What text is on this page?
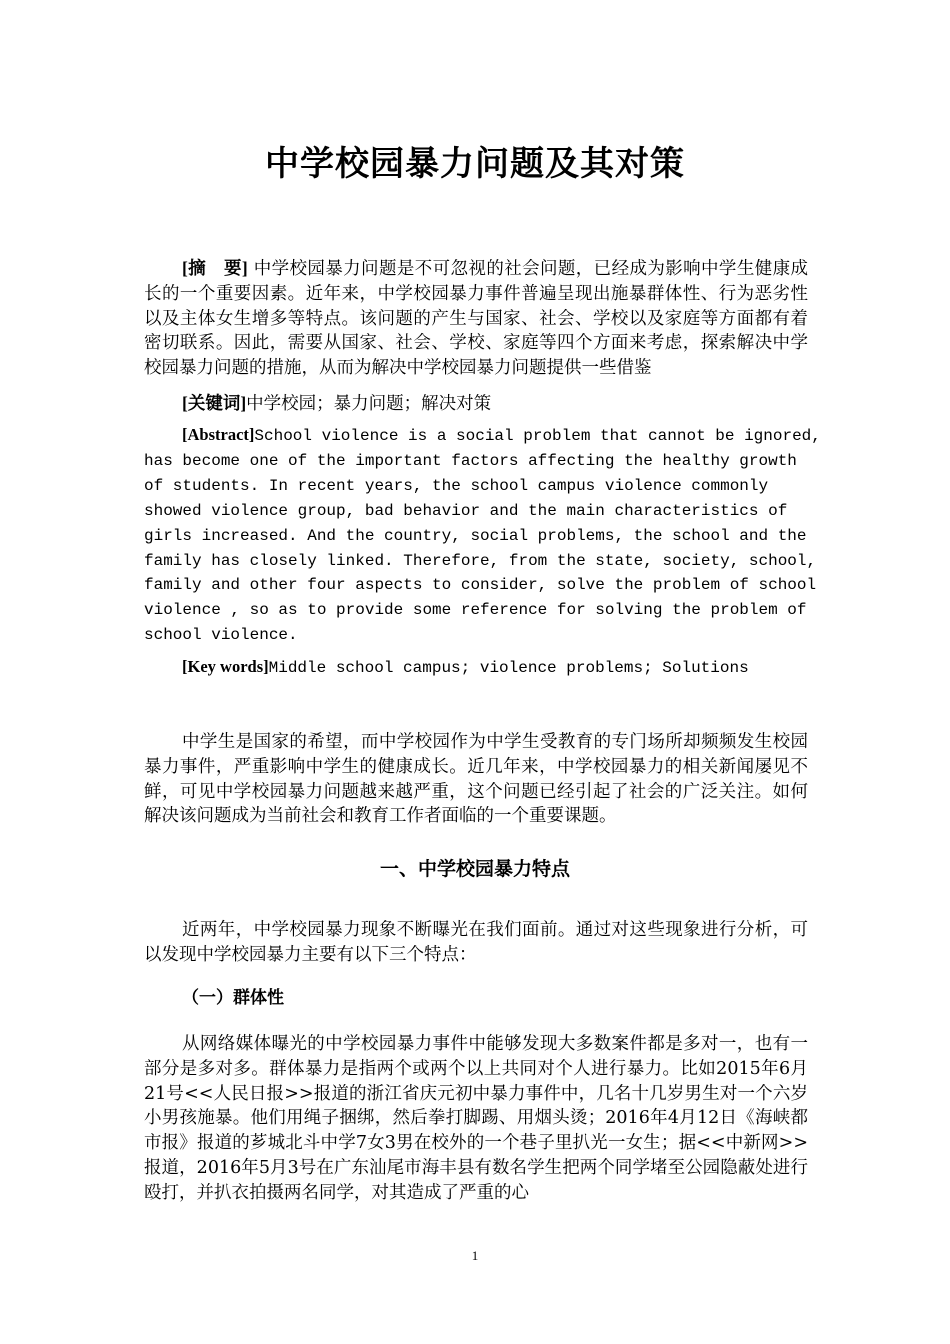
中学校园暴力问题及其对策

[摘　要] 中学校园暴力问题是不可忽视的社会问题，已经成为影响中学生健康成长的一个重要因素。近年来，中学校园暴力事件普遍呈现出施暴群体性、行为恶劣性以及主体女生增多等特点。该问题的产生与国家、社会、学校以及家庭等方面都有着密切联系。因此，需要从国家、社会、学校、家庭等四个方面来考虑，探索解决中学校园暴力问题的措施，从而为解决中学校园暴力问题提供一些借鉴

[关键词]中学校园；暴力问题；解决对策

[Abstract]School violence is a social problem that cannot be ignored, has become one of the important factors affecting the healthy growth of students. In recent years, the school campus violence commonly showed violence group, bad behavior and the main characteristics of girls increased. And the country, social problems, the school and the family has closely linked. Therefore, from the state, society, school, family and other four aspects to consider, solve the problem of school violence , so as to provide some reference for solving the problem of school violence.

[Key words]Middle school campus; violence problems; Solutions

中学生是国家的希望，而中学校园作为中学生受教育的专门场所却频频发生校园暴力事件，严重影响中学生的健康成长。近几年来，中学校园暴力的相关新闻屡见不鲜，可见中学校园暴力问题越来越严重，这个问题已经引起了社会的广泛关注。如何解决该问题成为当前社会和教育工作者面临的一个重要课题。

一、中学校园暴力特点

近两年，中学校园暴力现象不断曝光在我们面前。通过对这些现象进行分析，可以发现中学校园暴力主要有以下三个特点：

（一）群体性

从网络媒体曝光的中学校园暴力事件中能够发现大多数案件都是多对一，也有一部分是多对多。群体暴力是指两个或两个以上共同对个人进行暴力。比如2015年6月21号<<人民日报>>报道的浙江省庆元初中暴力事件中，几名十几岁男生对一个六岁小男孩施暴。他们用绳子捆绑，然后拳打脚踢、用烟头烫；2016年4月12日《海峡都市报》报道的芗城北斗中学7女3男在校外的一个巷子里扒光一女生；据<<中新网>>报道，2016年5月3号在广东汕尾市海丰县有数名学生把两个同学堵至公园隐蔽处进行殴打，并扒衣拍摄两名同学，对其造成了严重的心

1
